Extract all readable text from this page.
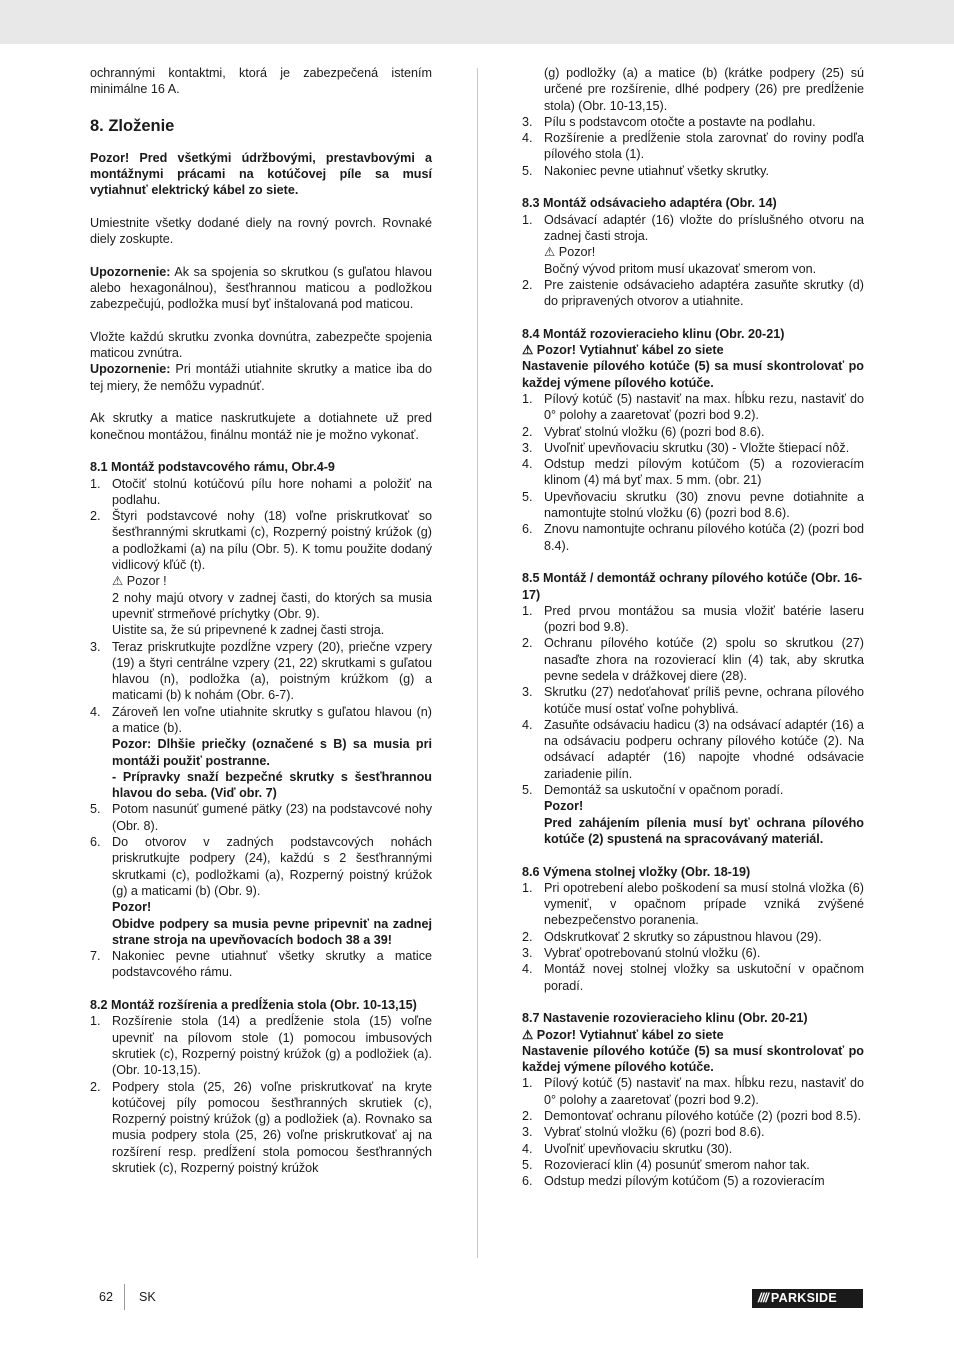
ochrannými kontaktmi, ktorá je zabezpečená istením minimálne 16 A.

8. Zloženie

Pozor! Pred všetkými údržbovými, prestavbovými a montážnymi prácami na kotúčovej píle sa musí vytiahnuť elektrický kábel zo siete.

Umiestnite všetky dodané diely na rovný povrch. Rovnaké diely zoskupte.

Upozornenie: Ak sa spojenia so skrutkou (s guľatou hlavou alebo hexagonálnou), šesťhrannou maticou a podložkou zabezpečujú, podložka musí byť inštalovaná pod maticou.

Vložte každú skrutku zvonka dovnútra, zabezpečte spojenia maticou zvnútra.

Upozornenie: Pri montáži utiahnite skrutky a matice iba do tej miery, že nemôžu vypadnúť.

Ak skrutky a matice naskrutkujete a dotiahnete už pred konečnou montážou, finálnu montáž nie je možno vykonať.

8.1 Montáž podstavcového rámu, Obr.4-9
1. Otočiť stolnú kotúčovú pílu hore nohami a položiť na podlahu.
2. Štyri podstavcové nohy (18) voľne priskrutkovať so šesťhrannými skrutkami (c), Rozperný poistný krúžok (g) a podložkami (a) na pílu (Obr. 5). K tomu použite dodaný vidlicový kľúč (t).
⚠ Pozor !
2 nohy majú otvory v zadnej časti, do ktorých sa musia upevniť strmeňové príchytky (Obr. 9).
Uistite sa, že sú pripevnené k zadnej časti stroja.
3. Teraz priskrutkujte pozdĺžne vzpery (20), priečne vzpery (19) a štyri centrálne vzpery (21, 22) skrutkami s guľatou hlavou (n), podložka (a), poistným krúžkom (g) a maticami (b) k nohám (Obr. 6-7).
4. Zároveň len voľne utiahnite skrutky s guľatou hlavou (n) a matice (b).
Pozor: Dlhšie priečky (označené s B) sa musia pri montáži použiť postranne.
- Prípravky snaží bezpečné skrutky s šesťhrannou hlavou do seba. (Viď obr. 7)
5. Potom nasunúť gumené pätky (23) na podstavcové nohy (Obr. 8).
6. Do otvorov v zadných podstavcových nohách priskrutkujte podpery (24), každú s 2 šesťhrannými skrutkami (c), podložkami (a), Rozperný poistný krúžok (g) a maticami (b) (Obr. 9).
Pozor!
Obidve podpery sa musia pevne pripevniť na zadnej strane stroja na upevňovacích bodoch 38 a 39!
7. Nakoniec pevne utiahnuť všetky skrutky a matice podstavcového rámu.
8.2 Montáž rozšírenia a predĺženia stola (Obr. 10-13,15)
1. Rozšírenie stola (14) a predĺženie stola (15) voľne upevniť na pílovom stole (1) pomocou imbusových skrutiek (c), Rozperný poistný krúžok (g) a podložiek (a). (Obr. 10-13,15).
2. Podpery stola (25, 26) voľne priskrutkovať na kryte kotúčovej píly pomocou šesťhranných skrutiek (c), Rozperný poistný krúžok (g) a podložiek (a). Rovnako sa musia podpery stola (25, 26) voľne priskrutkovať aj na rozšírení resp. predĺžení stola pomocou šesťhranných skrutiek (c), Rozperný poistný krúžok
(g) podložky (a) a matice (b) (krátke podpery (25) sú určené pre rozšírenie, dlhé podpery (26) pre predĺženie stola) (Obr. 10-13,15).
3. Pílu s podstavcom otočte a postavte na podlahu.
4. Rozšírenie a predĺženie stola zarovnať do roviny podľa pílového stola (1).
5. Nakoniec pevne utiahnuť všetky skrutky.
8.3 Montáž odsávacieho adaptéra (Obr. 14)
1. Odsávací adaptér (16) vložte do príslušného otvoru na zadnej časti stroja.
⚠ Pozor!
Bočný vývod pritom musí ukazovať smerom von.
2. Pre zaistenie odsávacieho adaptéra zasuňte skrutky (d) do pripravených otvorov a utiahnite.
8.4 Montáž rozovieracieho klinu (Obr. 20-21)
⚠ Pozor! Vytiahnuť kábel zo siete
Nastavenie pílového kotúče (5) sa musí skontrolovať po každej výmene pílového kotúče.
1. Pílový kotúč (5) nastaviť na max. hĺbku rezu, nastaviť do 0° polohy a zaaretovať (pozri bod 9.2).
2. Vybrať stolnú vložku (6) (pozri bod 8.6).
3. Uvoľniť upevňovaciu skrutku (30) - Vložte štiepací nôž.
4. Odstup medzi pílovým kotúčom (5) a rozovieracím klinom (4) má byť max. 5 mm. (obr. 21)
5. Upevňovaciu skrutku (30) znovu pevne dotiahnite a namontujte stolnú vložku (6) (pozri bod 8.6).
6. Znovu namontujte ochranu pílového kotúča (2) (pozri bod 8.4).
8.5 Montáž / demontáž ochrany pílového kotúče (Obr. 16-17)
1. Pred prvou montážou sa musia vložiť batérie laseru (pozri bod 9.8).
2. Ochranu pílového kotúče (2) spolu so skrutkou (27) nasaďte zhora na rozovierací klin (4) tak, aby skrutka pevne sedela v drážkovej diere (28).
3. Skrutku (27) nedoťahovať príliš pevne, ochrana pílového kotúče musí ostať voľne pohyblivá.
4. Zasuňte odsávaciu hadicu (3) na odsávací adaptér (16) a na odsávaciu podperu ochrany pílového kotúče (2). Na odsávací adaptér (16) napojte vhodné odsávacie zariadenie pilín.
5. Demontáž sa uskutoční v opačnom poradí.
Pozor!
Pred zahájením pílenia musí byť ochrana pílového kotúče (2) spustená na spracovávaný materiál.
8.6 Výmena stolnej vložky (Obr. 18-19)
1. Pri opotrebení alebo poškodení sa musí stolná vložka (6) vymeniť, v opačnom prípade vzniká zvýšené nebezpečenstvo poranenia.
2. Odskrutkovať 2 skrutky so zápustnou hlavou (29).
3. Vybrať opotrebovanú stolnú vložku (6).
4. Montáž novej stolnej vložky sa uskutoční v opačnom poradí.
8.7 Nastavenie rozovieracieho klinu (Obr. 20-21)
⚠ Pozor! Vytiahnuť kábel zo siete
Nastavenie pílového kotúče (5) sa musí skontrolovať po každej výmene pílového kotúče.
1. Pílový kotúč (5) nastaviť na max. hĺbku rezu, nastaviť do 0° polohy a zaaretovať (pozri bod 9.2).
2. Demontovať ochranu pílového kotúče (2) (pozri bod 8.5).
3. Vybrať stolnú vložku (6) (pozri bod 8.6).
4. Uvoľniť upevňovaciu skrutku (30).
5. Rozovierací klin (4) posunúť smerom nahor tak.
6. Odstup medzi pílovým kotúčom (5) a rozovieracím
62 SK	//// PARKSIDE
